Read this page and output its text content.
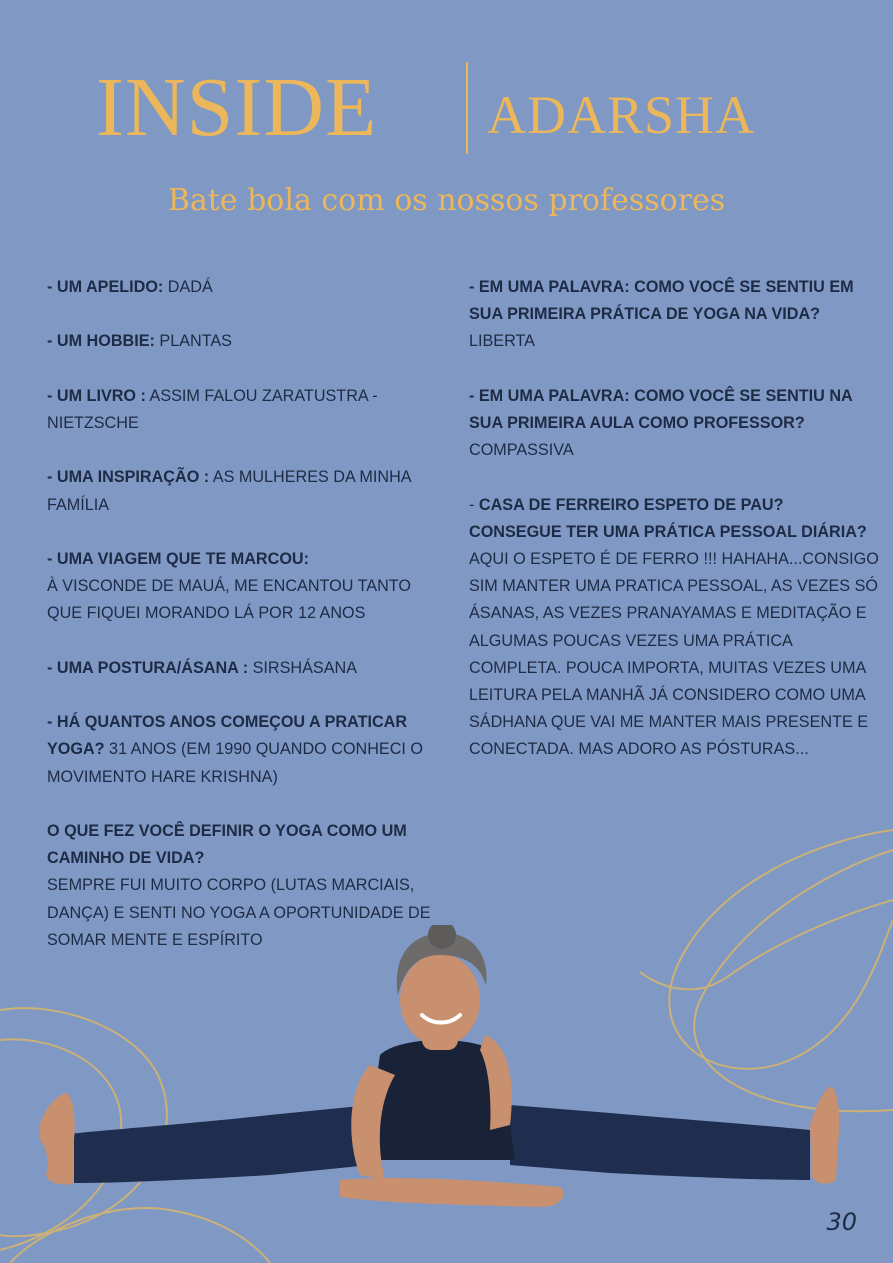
INSIDE ADARSHA
Bate bola com os nossos professores

- UM APELIDO: DADÁ

- UM HOBBIE: PLANTAS

- UM LIVRO : ASSIM FALOU ZARATUSTRA - NIETZSCHE

- UMA INSPIRAÇÃO : AS MULHERES DA MINHA FAMÍLIA

- UMA VIAGEM QUE TE MARCOU:
À VISCONDE DE MAUÁ, ME ENCANTOU TANTO QUE FIQUEI MORANDO LÁ POR 12 ANOS

- UMA POSTURA/ÁSANA : SIRSHÁSANA

- HÁ QUANTOS ANOS COMEÇOU A PRATICAR YOGA? 31 ANOS (EM 1990 QUANDO CONHECI O MOVIMENTO HARE KRISHNA)

O QUE FEZ VOCÊ DEFINIR O YOGA COMO UM CAMINHO DE VIDA?
SEMPRE FUI MUITO CORPO (LUTAS MARCIAIS, DANÇA) E SENTI NO YOGA A OPORTUNIDADE DE SOMAR MENTE E ESPÍRITO

- EM UMA PALAVRA: COMO VOCÊ SE SENTIU EM SUA PRIMEIRA PRÁTICA DE YOGA NA VIDA? LIBERTA

- EM UMA PALAVRA: COMO VOCÊ SE SENTIU NA SUA PRIMEIRA AULA COMO PROFESSOR? COMPASSIVA

- CASA DE FERREIRO ESPETO DE PAU? CONSEGUE TER UMA PRÁTICA PESSOAL DIÁRIA?
AQUI O ESPETO É DE FERRO !!! HAHAHA...CONSIGO SIM MANTER UMA PRATICA PESSOAL, AS VEZES SÓ ÁSANAS, AS VEZES PRANAYAMAS E MEDITAÇÃO E ALGUMAS POUCAS VEZES UMA PRÁTICA COMPLETA. POUCA IMPORTA, MUITAS VEZES UMA LEITURA PELA MANHÃ JÁ CONSIDERO COMO UMA SÁDHANA QUE VAI ME MANTER MAIS PRESENTE E CONECTADA. MAS ADORO AS PÓSTURAS...

30
